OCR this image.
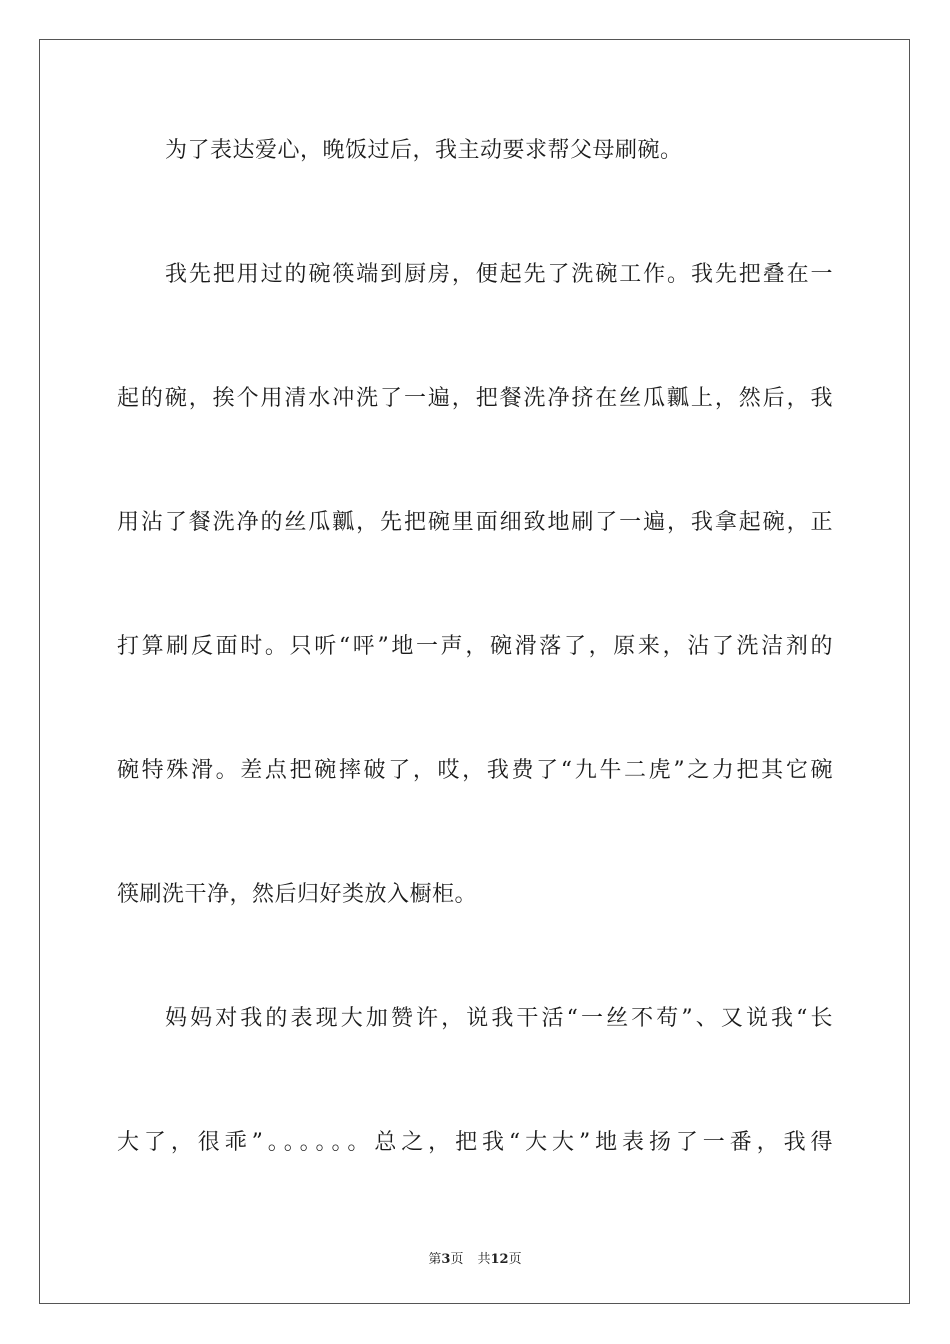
为了表达爱心，晚饭过后，我主动要求帮父母刷碗。
我先把用过的碗筷端到厨房，便起先了洗碗工作。我先把叠在一
起的碗，挨个用清水冲洗了一遍，把餐洗净挤在丝瓜瓤上，然后，我
用沾了餐洗净的丝瓜瓤，先把碗里面细致地刷了一遍，我拿起碗，正
打算刷反面时。只听“呯”地一声，碗滑落了，原来，沾了洗洁剂的
碗特殊滑。差点把碗摔破了，哎，我费了“九牛二虎”之力把其它碗
筷刷洗干净，然后归好类放入橱柜。
妈妈对我的表现大加赞许，说我干活“一丝不苟”、又说我“长
大了，很乖”。。。。。。总之，把我“大大”地表扬了一番，我得
第3页 共12页
